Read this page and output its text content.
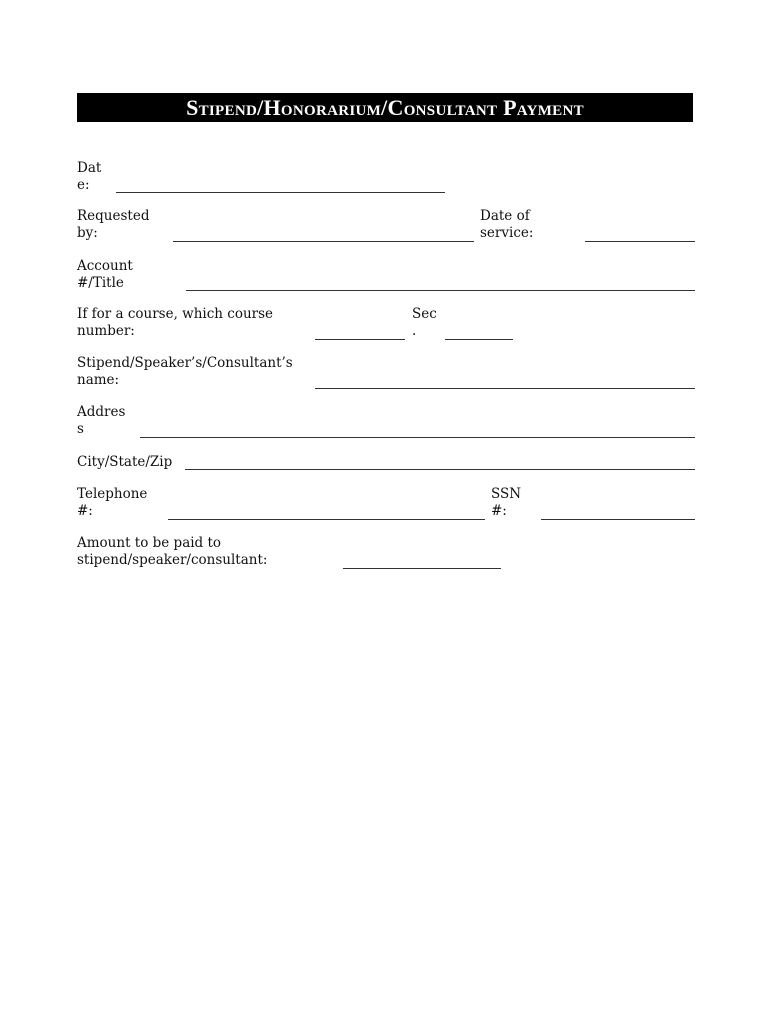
Stipend/Honorarium/Consultant Payment
Dat
e:
Requested
by:
Date of
service:
Account
#/Title
If for a course, which course
number:
Sec
.
Stipend/Speaker’s/Consultant’s
name:
Addres
s
City/State/Zip
Telephone
#:
SSN
#:
Amount to be paid to
stipend/speaker/consultant:
